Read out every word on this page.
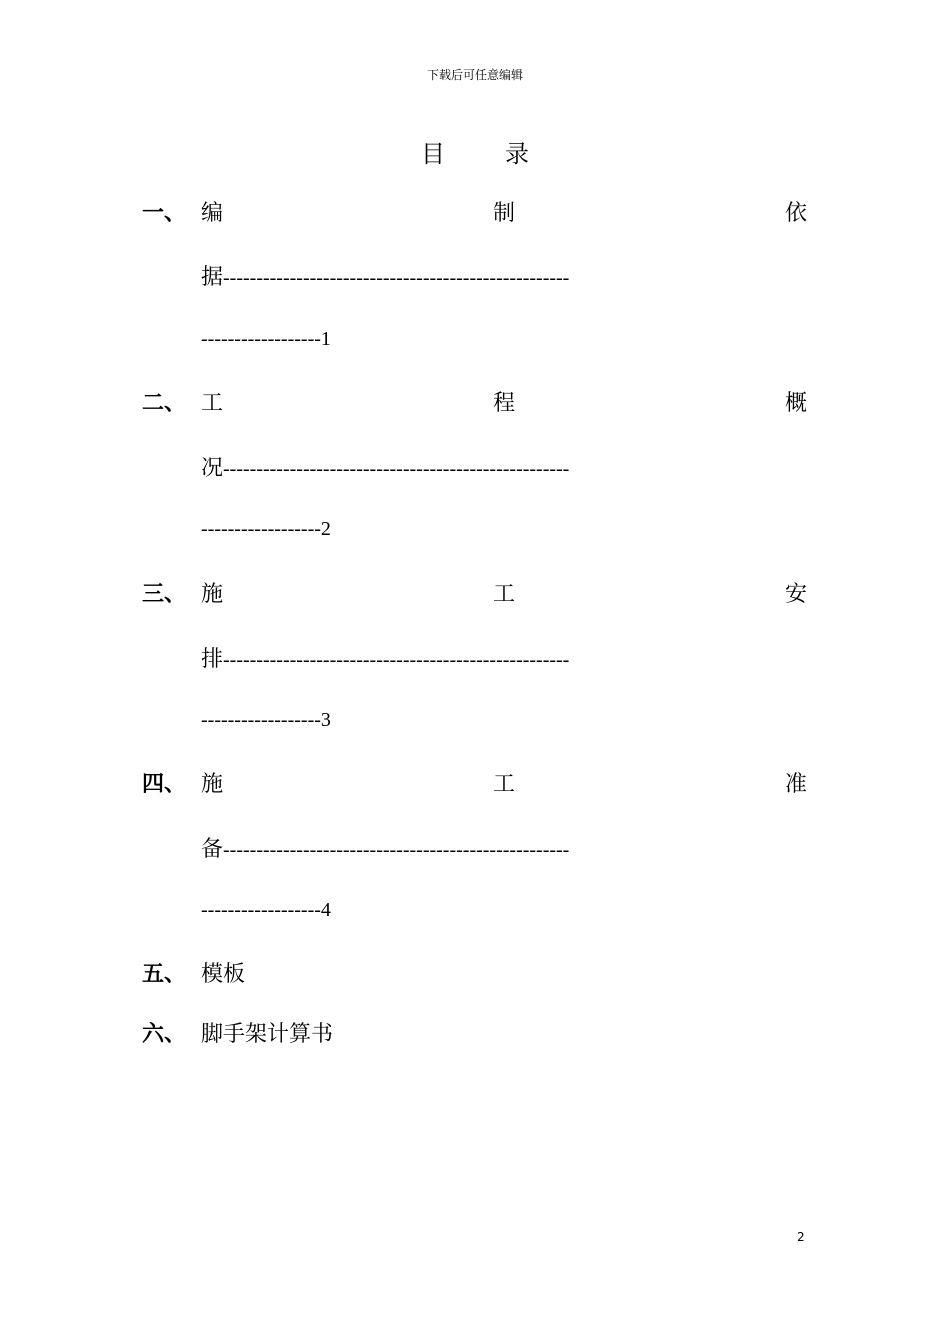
下载后可任意编辑
目	录
一、 编	制	依
据----------------------------------------------------
------------------1
二、 工	程	概
况----------------------------------------------------
------------------2
三、 施	工	安
排----------------------------------------------------
------------------3
四、 施	工	准
备----------------------------------------------------
------------------4
五、 模板
六、 脚手架计算书
2
